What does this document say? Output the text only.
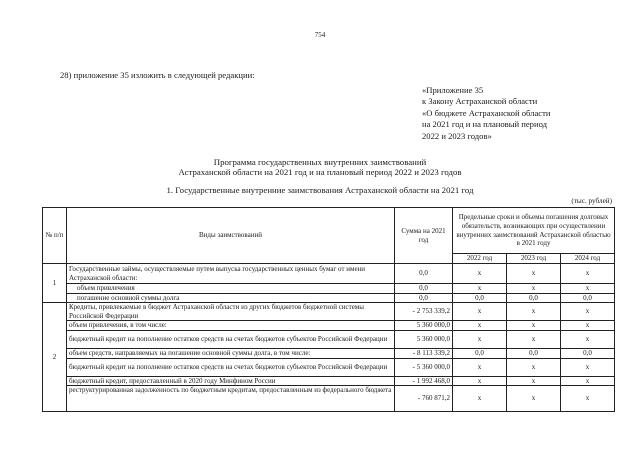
754
28) приложение 35 изложить в следующей редакции:
«Приложение 35
к Закону Астраханской области
«О бюджете Астраханской области
на 2021 год и на плановый период
2022 и 2023 годов»
Программа государственных внутренних заимствований
Астраханской области на 2021 год и на плановый период 2022 и 2023 годов
1. Государственные внутренние заимствования Астраханской области на 2021 год
(тыс. рублей)
№ п/п	Виды заимствований	Сумма на 2021 год	Предельные сроки и объемы погашения долговых обязательств, возникающих при осуществлении внутренних заимствований Астраханской областью в 2021 году		
			2022 год	2023 год	2024 год
1	Государственные займы, осуществляемые путем выпуска государственных ценных бумаг от имени Астраханской области:	0,0	x	x	x
	объем привлечения	0,0	x	x	x
	погашение основной суммы долга	0,0	0,0	0,0	0,0
2	Кредиты, привлекаемые в бюджет Астраханской области из других бюджетов бюджетной системы Российской Федерации	- 2 753 339,2	x	x	x
	объем привлечения, в том числе:	5 360 000,0	x	x	x
	бюджетный кредит на пополнение остатков средств на счетах бюджетов субъектов Российской Федерации	5 360 000,0	x	x	x
	объем средств, направляемых на погашение основной суммы долга, в том числе:	- 8 113 339,2	0,0	0,0	0,0
	бюджетный кредит на пополнение остатков средств на счетах бюджетов субъектов Российской Федерации	- 5 360 000,0	x	x	x
	бюджетный кредит, предоставленный в 2020 году Минфином России	- 1 992 468,0	x	x	x
	реструктурированная задолженность по бюджетным кредитам, предоставленным из федерального бюджета	- 760 871,2	x	x	x
